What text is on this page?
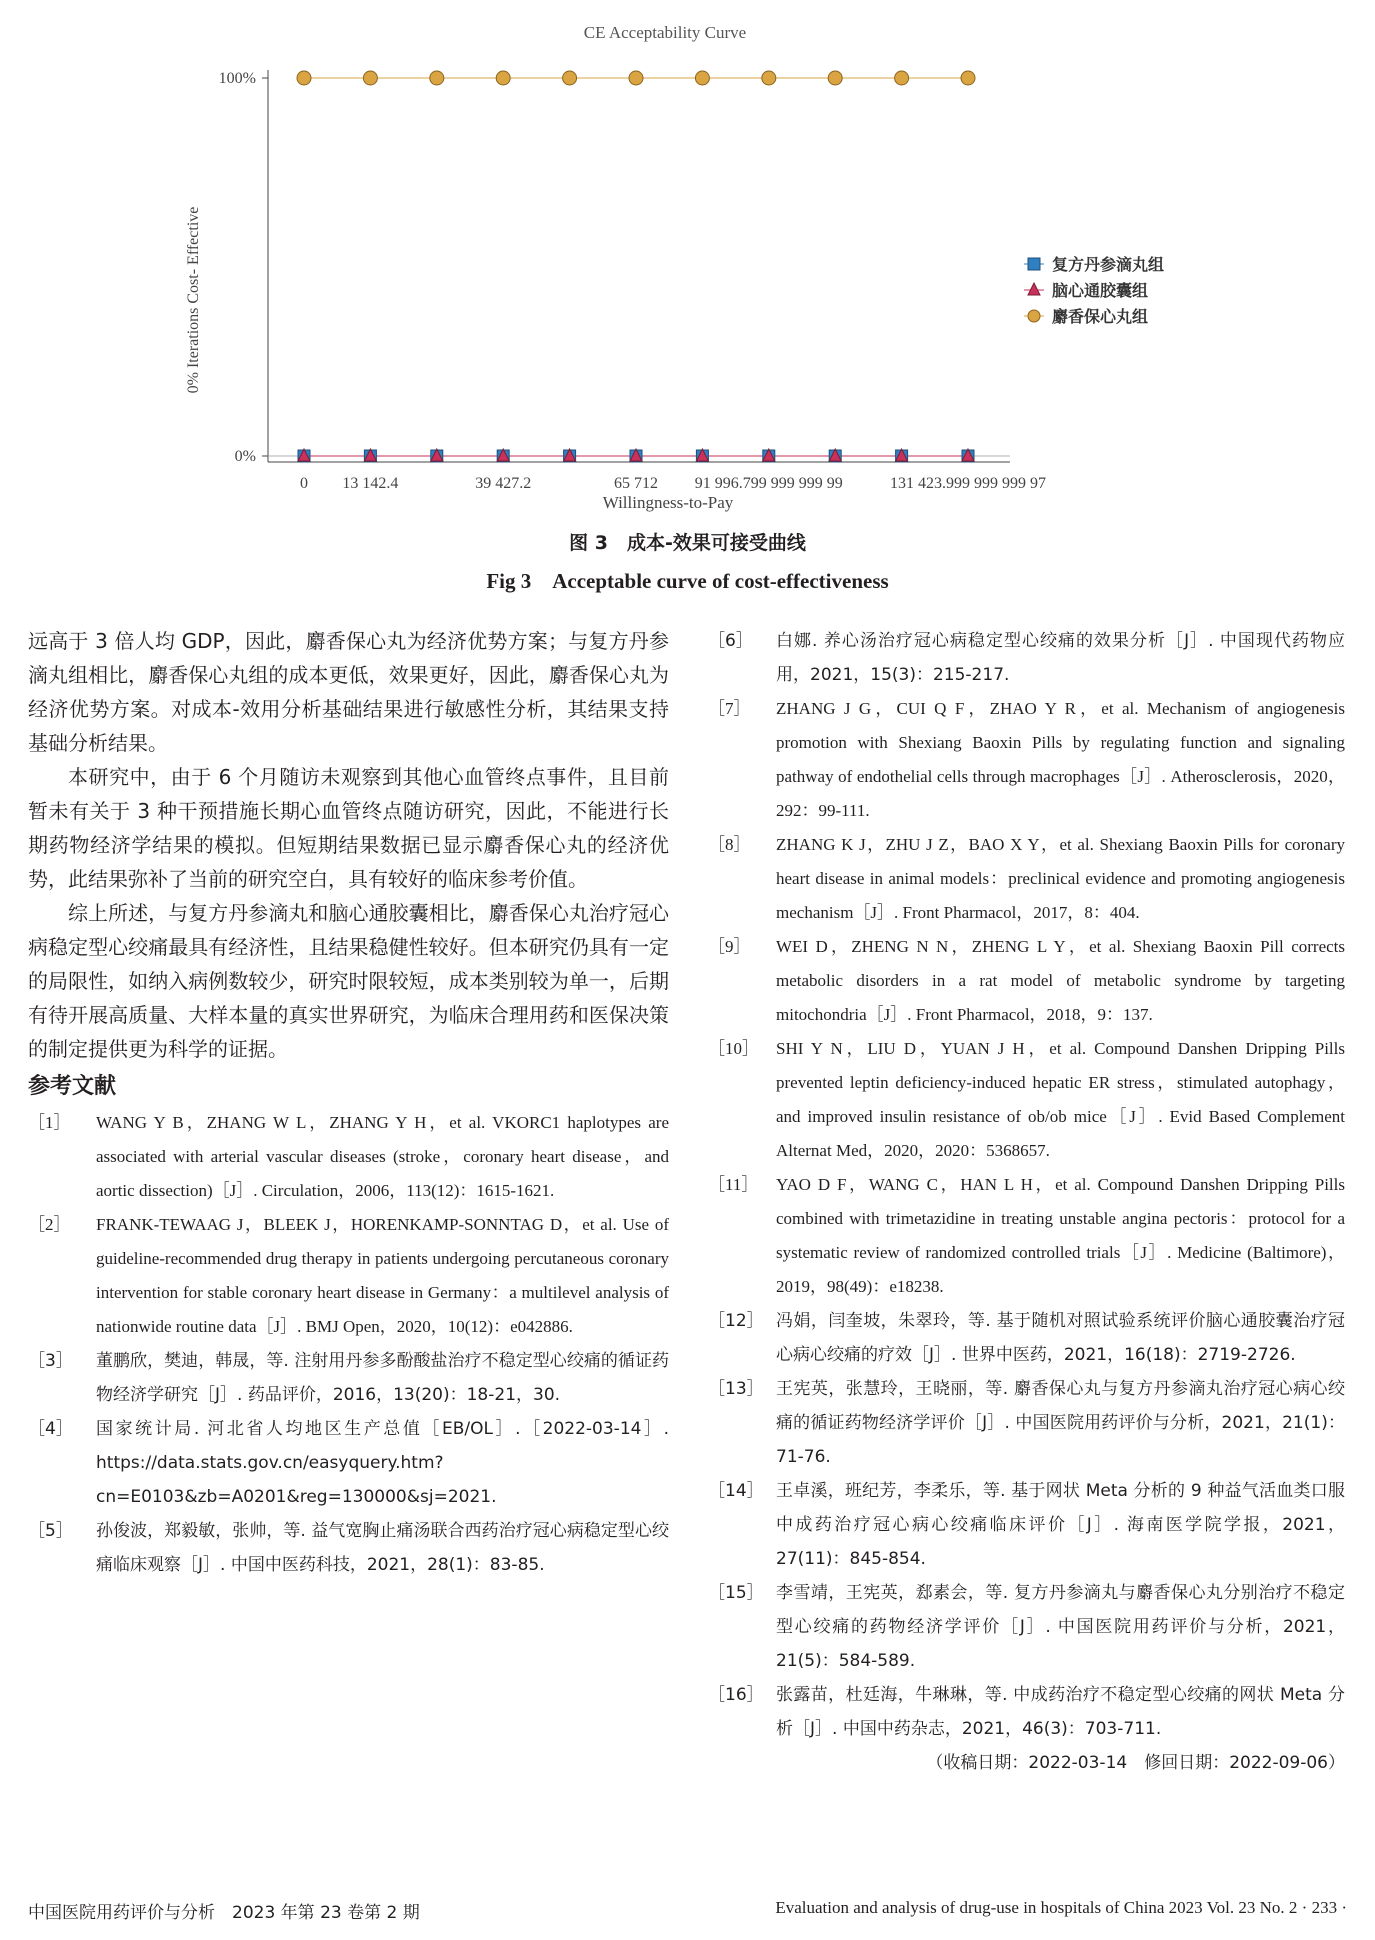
CE Acceptability Curve
100%
0%
0 13 142.4	39 427.2	65 712 91 996.799 999 999 99	131 423.999 999 999 97
Willingness-to-Pay
0% Iterations Cost- Effective	复方丹参滴丸组
脑心通胶囊组
麝香保心丸组
图 3　成本-效果可接受曲线
Fig 3　Acceptable curve of cost-effectiveness

远高于 3 倍人均 GDP，因此，麝香保心丸为经济优势方案；与复方丹参滴丸组相比，麝香保心丸组的成本更低，效果更好，因此，麝香保心丸为经济优势方案。对成本-效用分析基础结果进行敏感性分析，其结果支持基础分析结果。

本研究中，由于 6 个月随访未观察到其他心血管终点事件，且目前暂未有关于 3 种干预措施长期心血管终点随访研究，因此，不能进行长期药物经济学结果的模拟。但短期结果数据已显示麝香保心丸的经济优势，此结果弥补了当前的研究空白，具有较好的临床参考价值。

综上所述，与复方丹参滴丸和脑心通胶囊相比，麝香保心丸治疗冠心病稳定型心绞痛最具有经济性，且结果稳健性较好。但本研究仍具有一定的局限性，如纳入病例数较少，研究时限较短，成本类别较为单一，后期有待开展高质量、大样本量的真实世界研究，为临床合理用药和医保决策的制定提供更为科学的证据。

参考文献
［1］	WANG Y B，ZHANG W L，ZHANG Y H，et al. VKORC1 haplotypes are associated with arterial vascular diseases (stroke，coronary heart disease，and aortic dissection)［J］. Circulation，2006，113(12)：1615-1621.
［2］	FRANK-TEWAAG J，BLEEK J，HORENKAMP-SONNTAG D，et al. Use of guideline-recommended drug therapy in patients undergoing percutaneous coronary intervention for stable coronary heart disease in Germany：a multilevel analysis of nationwide routine data［J］. BMJ Open，2020，10(12)：e042886.
［3］	董鹏欣，樊迪，韩晟，等. 注射用丹参多酚酸盐治疗不稳定型心绞痛的循证药物经济学研究［J］. 药品评价，2016，13(20)：18-21，30.
［4］	国家统计局. 河北省人均地区生产总值［EB/OL］.［2022-03-14］. https://data.stats.gov.cn/easyquery.htm? cn=E0103&zb=A0201&reg=130000&sj=2021.
［5］	孙俊波，郑毅敏，张帅，等. 益气宽胸止痛汤联合西药治疗冠心病稳定型心绞痛临床观察［J］. 中国中医药科技，2021，28(1)：83-85.
［6］	白娜. 养心汤治疗冠心病稳定型心绞痛的效果分析［J］. 中国现代药物应用，2021，15(3)：215-217.
［7］	ZHANG J G，CUI Q F，ZHAO Y R，et al. Mechanism of angiogenesis promotion with Shexiang Baoxin Pills by regulating function and signaling pathway of endothelial cells through macrophages［J］. Atherosclerosis，2020，292：99-111.
［8］	ZHANG K J，ZHU J Z，BAO X Y，et al. Shexiang Baoxin Pills for coronary heart disease in animal models：preclinical evidence and promoting angiogenesis mechanism［J］. Front Pharmacol，2017，8：404.
［9］	WEI D，ZHENG N N，ZHENG L Y，et al. Shexiang Baoxin Pill corrects metabolic disorders in a rat model of metabolic syndrome by targeting mitochondria［J］. Front Pharmacol，2018，9：137.
［10］ SHI Y N，LIU D，YUAN J H，et al. Compound Danshen Dripping Pills prevented leptin deficiency-induced hepatic ER stress，stimulated autophagy，and improved insulin resistance of ob/ob mice［J］. Evid Based Complement Alternat Med，2020，2020：5368657.
［11］	YAO D F，WANG C，HAN L H，et al. Compound Danshen Dripping Pills combined with trimetazidine in treating unstable angina pectoris：protocol for a systematic review of randomized controlled trials［J］. Medicine (Baltimore)，2019，98(49)：e18238.
［12］ 冯娟，闫奎坡，朱翠玲，等. 基于随机对照试验系统评价脑心通胶囊治疗冠心病心绞痛的疗效［J］. 世界中医药，2021，16(18)：2719-2726.
［13］ 王宪英，张慧玲，王晓丽，等. 麝香保心丸与复方丹参滴丸治疗冠心病心绞痛的循证药物经济学评价［J］. 中国医院用药评价与分析，2021，21(1)：71-76.
［14］ 王卓溪，班纪芳，李柔乐，等. 基于网状 Meta 分析的 9 种益气活血类口服中成药治疗冠心病心绞痛临床评价［J］. 海南医学院学报，2021，27(11)：845-854.
［15］ 李雪靖，王宪英，郄素会，等. 复方丹参滴丸与麝香保心丸分别治疗不稳定型心绞痛的药物经济学评价［J］. 中国医院用药评价与分析，2021，21(5)：584-589.
［16］ 张露苗，杜廷海，牛琳琳，等. 中成药治疗不稳定型心绞痛的网状 Meta 分析［J］. 中国中药杂志，2021，46(3)：703-711.
（收稿日期：2022-03-14　修回日期：2022-09-06）
中国医院用药评价与分析　2023 年第 23 卷第 2 期	Evaluation and analysis of drug-use in hospitals of China 2023 Vol. 23 No. 2 · 233 ·
